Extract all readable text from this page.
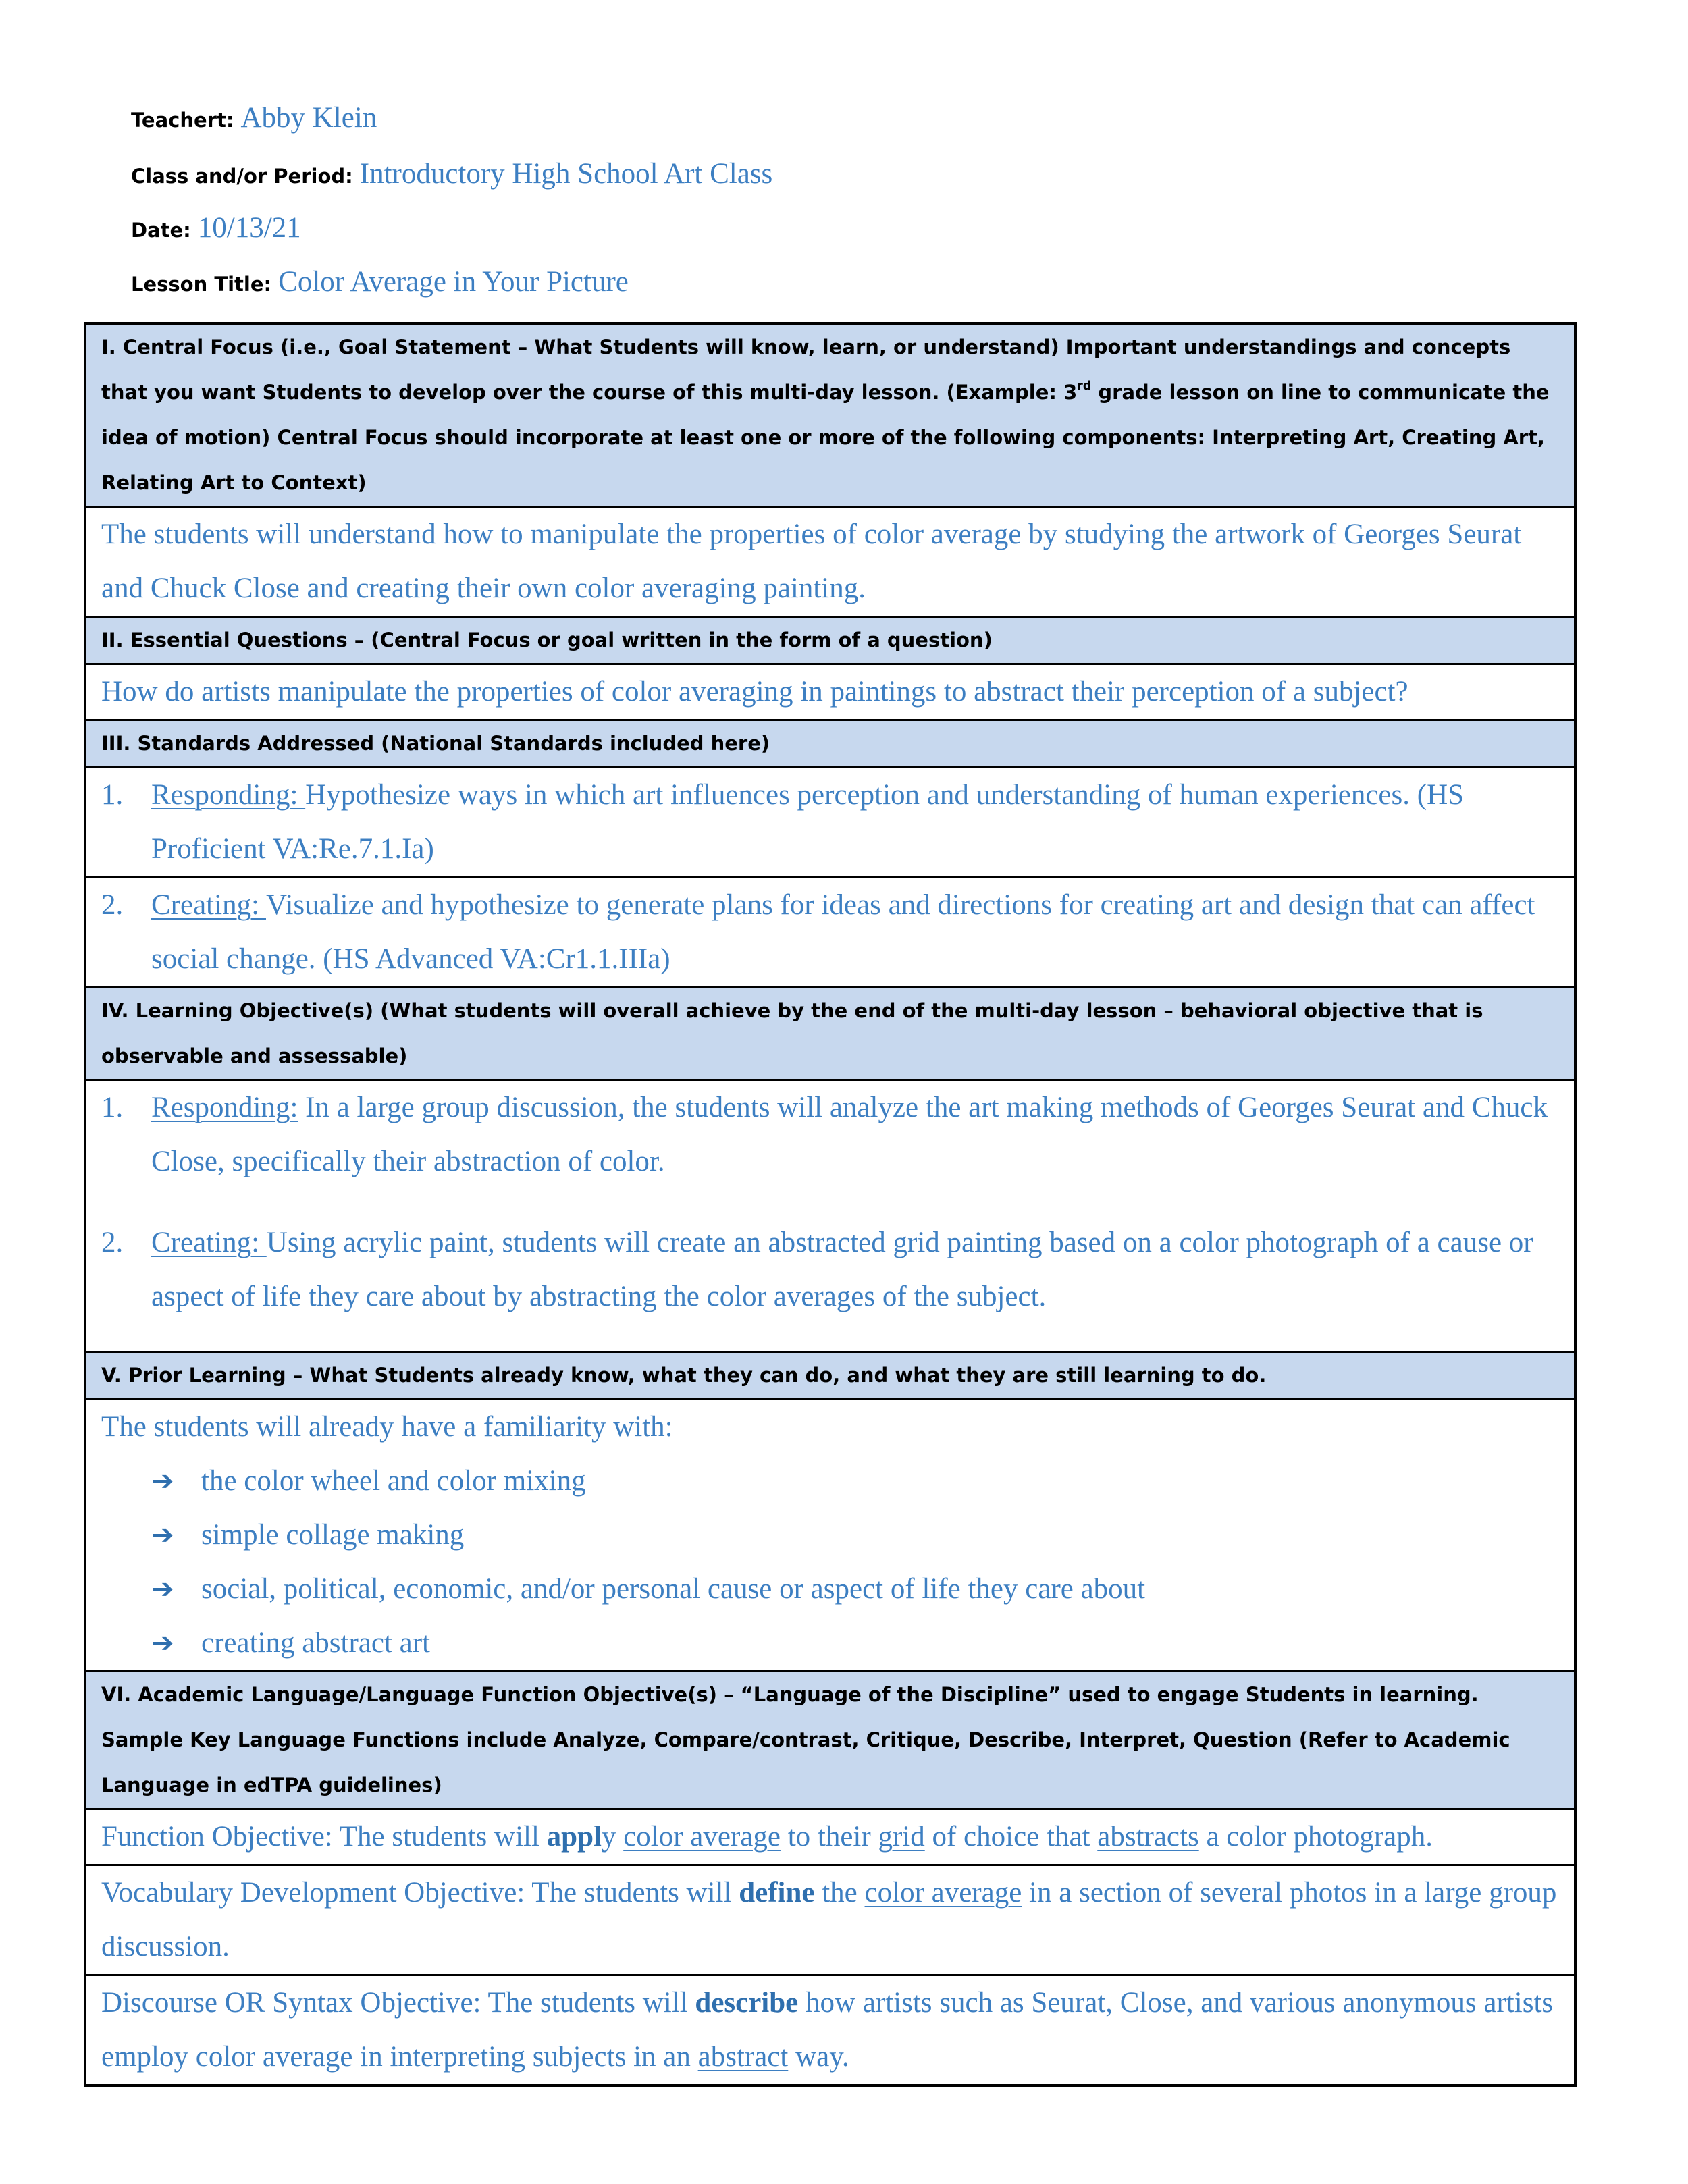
Teachert: Abby Klein
Class and/or Period: Introductory High School Art Class
Date: 10/13/21
Lesson Title: Color Average in Your Picture
I. Central Focus (i.e., Goal Statement – What Students will know, learn, or understand) Important understandings and concepts that you want Students to develop over the course of this multi-day lesson. (Example: 3rd grade lesson on line to communicate the idea of motion) Central Focus should incorporate at least one or more of the following components: Interpreting Art, Creating Art, Relating Art to Context)
The students will understand how to manipulate the properties of color average by studying the artwork of Georges Seurat and Chuck Close and creating their own color averaging painting.
II. Essential Questions – (Central Focus or goal written in the form of a question)
How do artists manipulate the properties of color averaging in paintings to abstract their perception of a subject?
III. Standards Addressed (National Standards included here)
1. Responding: Hypothesize ways in which art influences perception and understanding of human experiences. (HS Proficient VA:Re.7.1.Ia)
2. Creating: Visualize and hypothesize to generate plans for ideas and directions for creating art and design that can affect social change. (HS Advanced VA:Cr1.1.IIIa)
IV. Learning Objective(s) (What students will overall achieve by the end of the multi-day lesson – behavioral objective that is observable and assessable)
1. Responding: In a large group discussion, the students will analyze the art making methods of Georges Seurat and Chuck Close, specifically their abstraction of color.
2. Creating: Using acrylic paint, students will create an abstracted grid painting based on a color photograph of a cause or aspect of life they care about by abstracting the color averages of the subject.
V. Prior Learning – What Students already know, what they can do, and what they are still learning to do.
The students will already have a familiarity with:
➔ the color wheel and color mixing
➔ simple collage making
➔ social, political, economic, and/or personal cause or aspect of life they care about
➔ creating abstract art
VI. Academic Language/Language Function Objective(s) – “Language of the Discipline” used to engage Students in learning. Sample Key Language Functions include Analyze, Compare/contrast, Critique, Describe, Interpret, Question (Refer to Academic Language in edTPA guidelines)
Function Objective: The students will apply color average to their grid of choice that abstracts a color photograph.
Vocabulary Development Objective: The students will define the color average in a section of several photos in a large group discussion.
Discourse OR Syntax Objective: The students will describe how artists such as Seurat, Close, and various anonymous artists employ color average in interpreting subjects in an abstract way.
